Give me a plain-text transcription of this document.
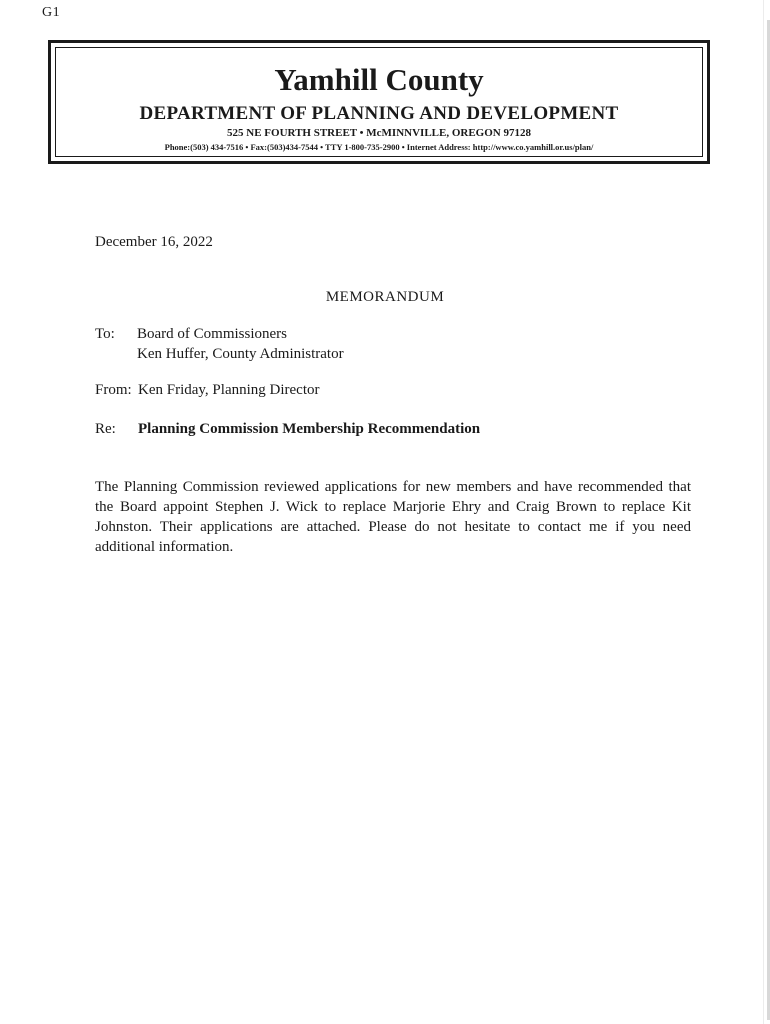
G1
Yamhill County
DEPARTMENT OF PLANNING AND DEVELOPMENT
525 NE FOURTH STREET • McMINNVILLE, OREGON 97128
Phone:(503) 434-7516 • Fax:(503)434-7544 • TTY 1-800-735-2900 • Internet Address: http://www.co.yamhill.or.us/plan/
December 16, 2022
MEMORANDUM
To: Board of Commissioners
Ken Huffer, County Administrator
From: Ken Friday, Planning Director
Re: Planning Commission Membership Recommendation
The Planning Commission reviewed applications for new members and have recommended that the Board appoint Stephen J. Wick to replace Marjorie Ehry and Craig Brown to replace Kit Johnston. Their applications are attached. Please do not hesitate to contact me if you need additional information.
